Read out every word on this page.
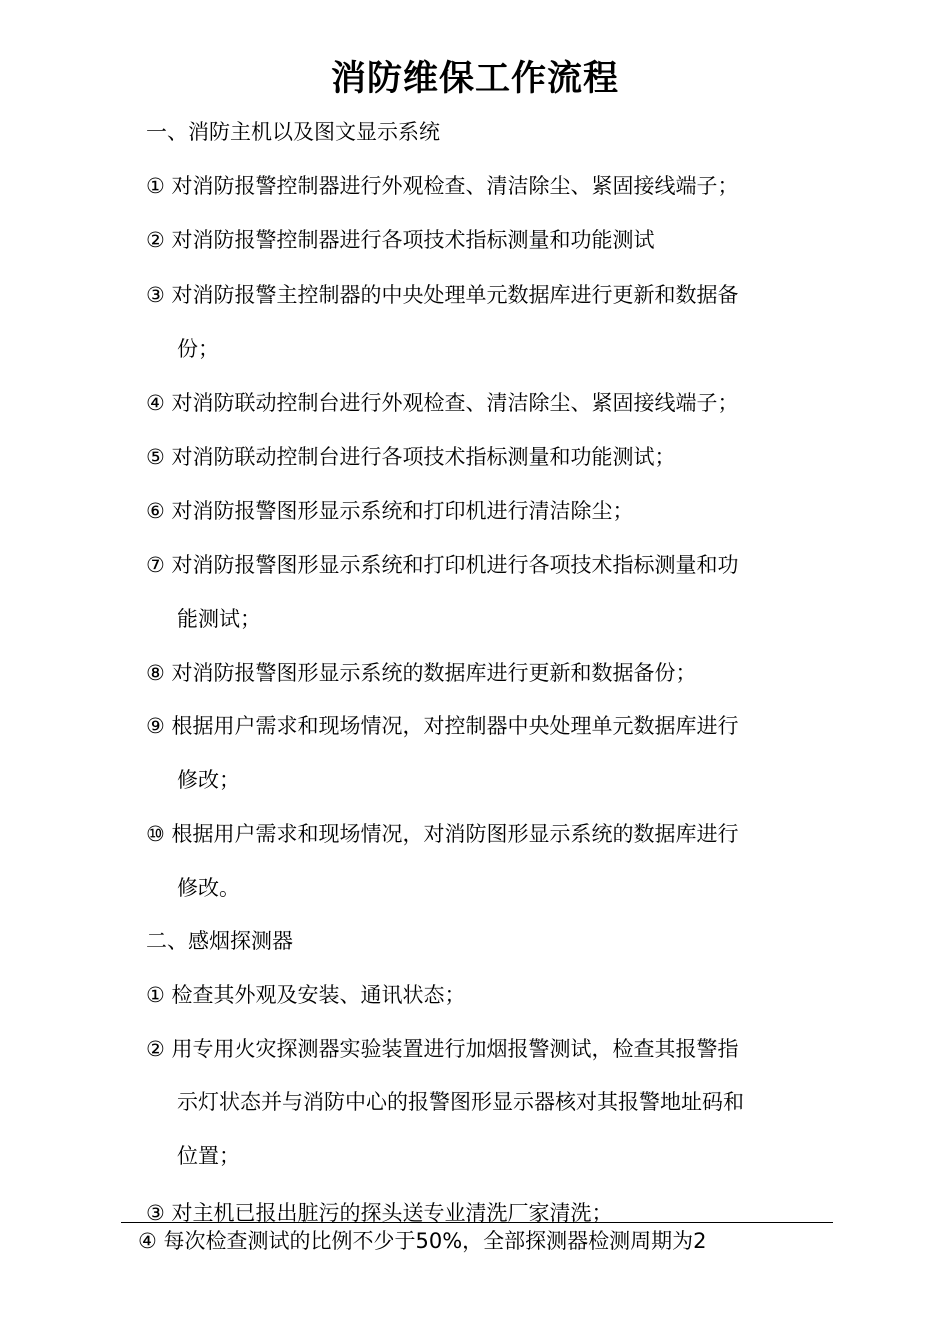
消防维保工作流程
一、消防主机以及图文显示系统
① 对消防报警控制器进行外观检查、清洁除尘、紧固接线端子；
② 对消防报警控制器进行各项技术指标测量和功能测试
③ 对消防报警主控制器的中央处理单元数据库进行更新和数据备
份；
④ 对消防联动控制台进行外观检查、清洁除尘、紧固接线端子；
⑤ 对消防联动控制台进行各项技术指标测量和功能测试；
⑥ 对消防报警图形显示系统和打印机进行清洁除尘；
⑦ 对消防报警图形显示系统和打印机进行各项技术指标测量和功
能测试；
⑧ 对消防报警图形显示系统的数据库进行更新和数据备份；
⑨ 根据用户需求和现场情况，对控制器中央处理单元数据库进行
修改；
⑩ 根据用户需求和现场情况，对消防图形显示系统的数据库进行
修改。
二、感烟探测器
① 检查其外观及安装、通讯状态；
② 用专用火灾探测器实验装置进行加烟报警测试，检查其报警指
示灯状态并与消防中心的报警图形显示器核对其报警地址码和
位置；
③ 对主机已报出脏污的探头送专业清洗厂家清洗；
④ 每次检查测试的比例不少于50%，全部探测器检测周期为2
